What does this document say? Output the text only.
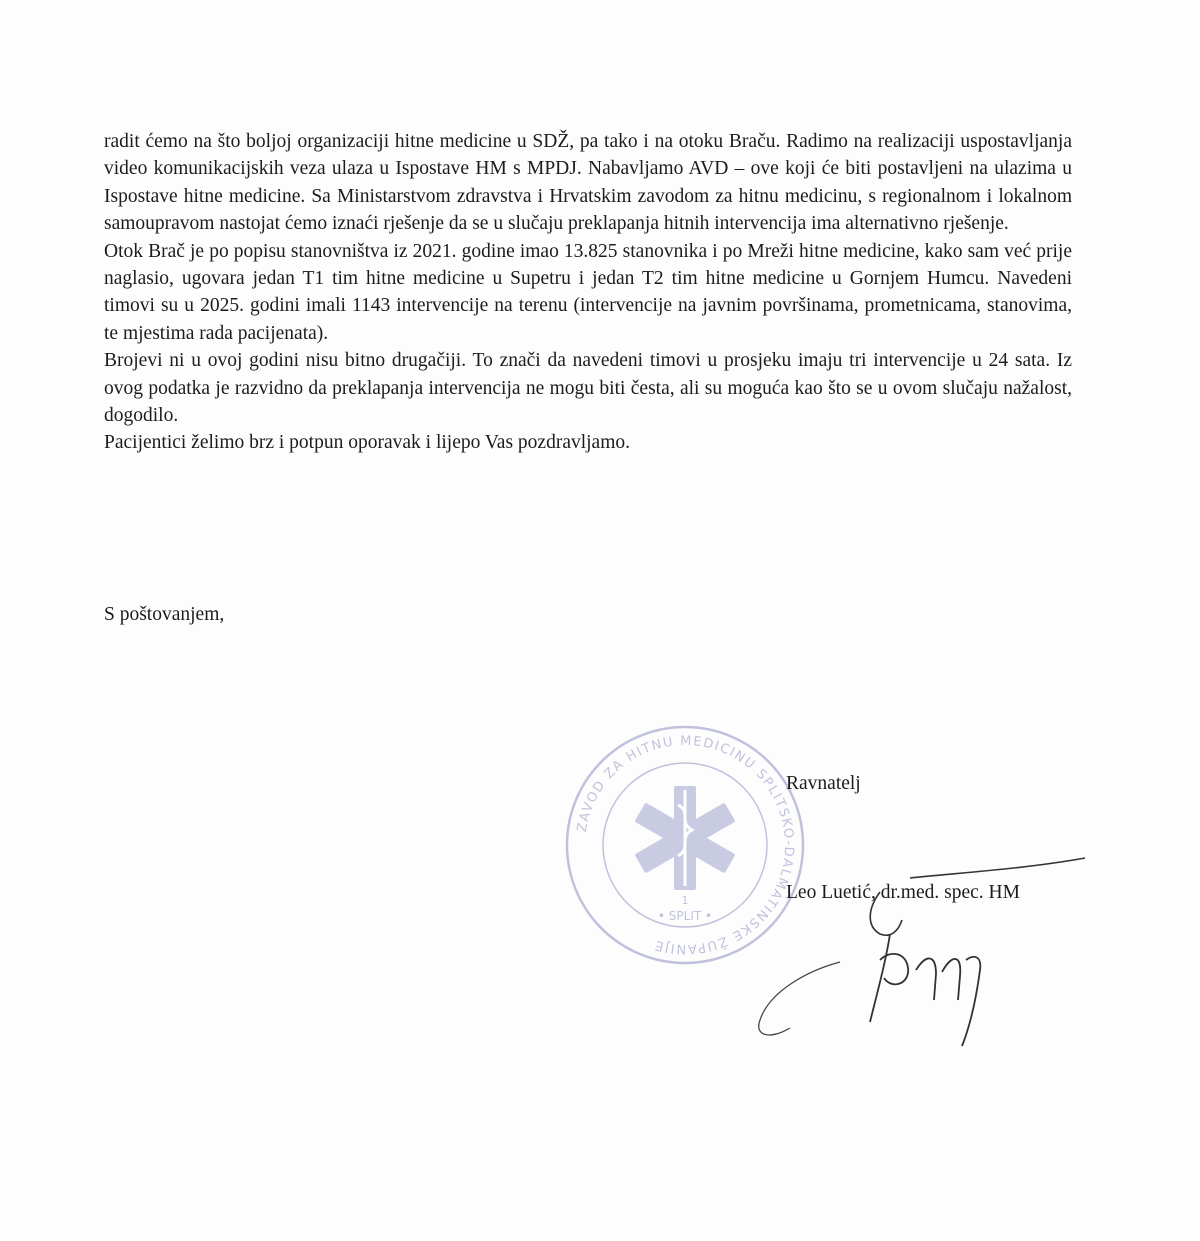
radit ćemo na što boljoj organizaciji hitne medicine u SDŽ, pa tako i na otoku Braču. Radimo na realizaciji uspostavljanja video komunikacijskih veza ulaza u Ispostave HM s MPDJ. Nabavljamo AVD – ove koji će biti postavljeni na ulazima u Ispostave hitne medicine. Sa Ministarstvom zdravstva i Hrvatskim zavodom za hitnu medicinu, s regionalnom i lokalnom samoupravom nastojat ćemo iznaći rješenje da se u slučaju preklapanja hitnih intervencija ima alternativno rješenje.

Otok Brač je po popisu stanovništva iz 2021. godine imao 13.825 stanovnika i po Mreži hitne medicine, kako sam već prije naglasio, ugovara jedan T1 tim hitne medicine u Supetru i jedan T2 tim hitne medicine u Gornjem Humcu. Navedeni timovi su u 2025. godini imali 1143 intervencije na terenu (intervencije na javnim površinama, prometnicama, stanovima, te mjestima rada pacijenata).

Brojevi ni u ovoj godini nisu bitno drugačiji. To znači da navedeni timovi u prosjeku imaju tri intervencije u 24 sata. Iz ovog podatka je razvidno da preklapanja intervencija ne mogu biti česta, ali su moguća kao što se u ovom slučaju nažalost, dogodilo.

Pacijentici želimo brz i potpun oporavak i lijepo Vas pozdravljamo.

S poštovanjem,
ZAVOD ZA HITNU MEDICINU SPLITSKO-DALMATINSKE ŽUPANIJE
• SPLIT •
1
Ravnatelj
Leo Luetić, dr.med. spec. HM
